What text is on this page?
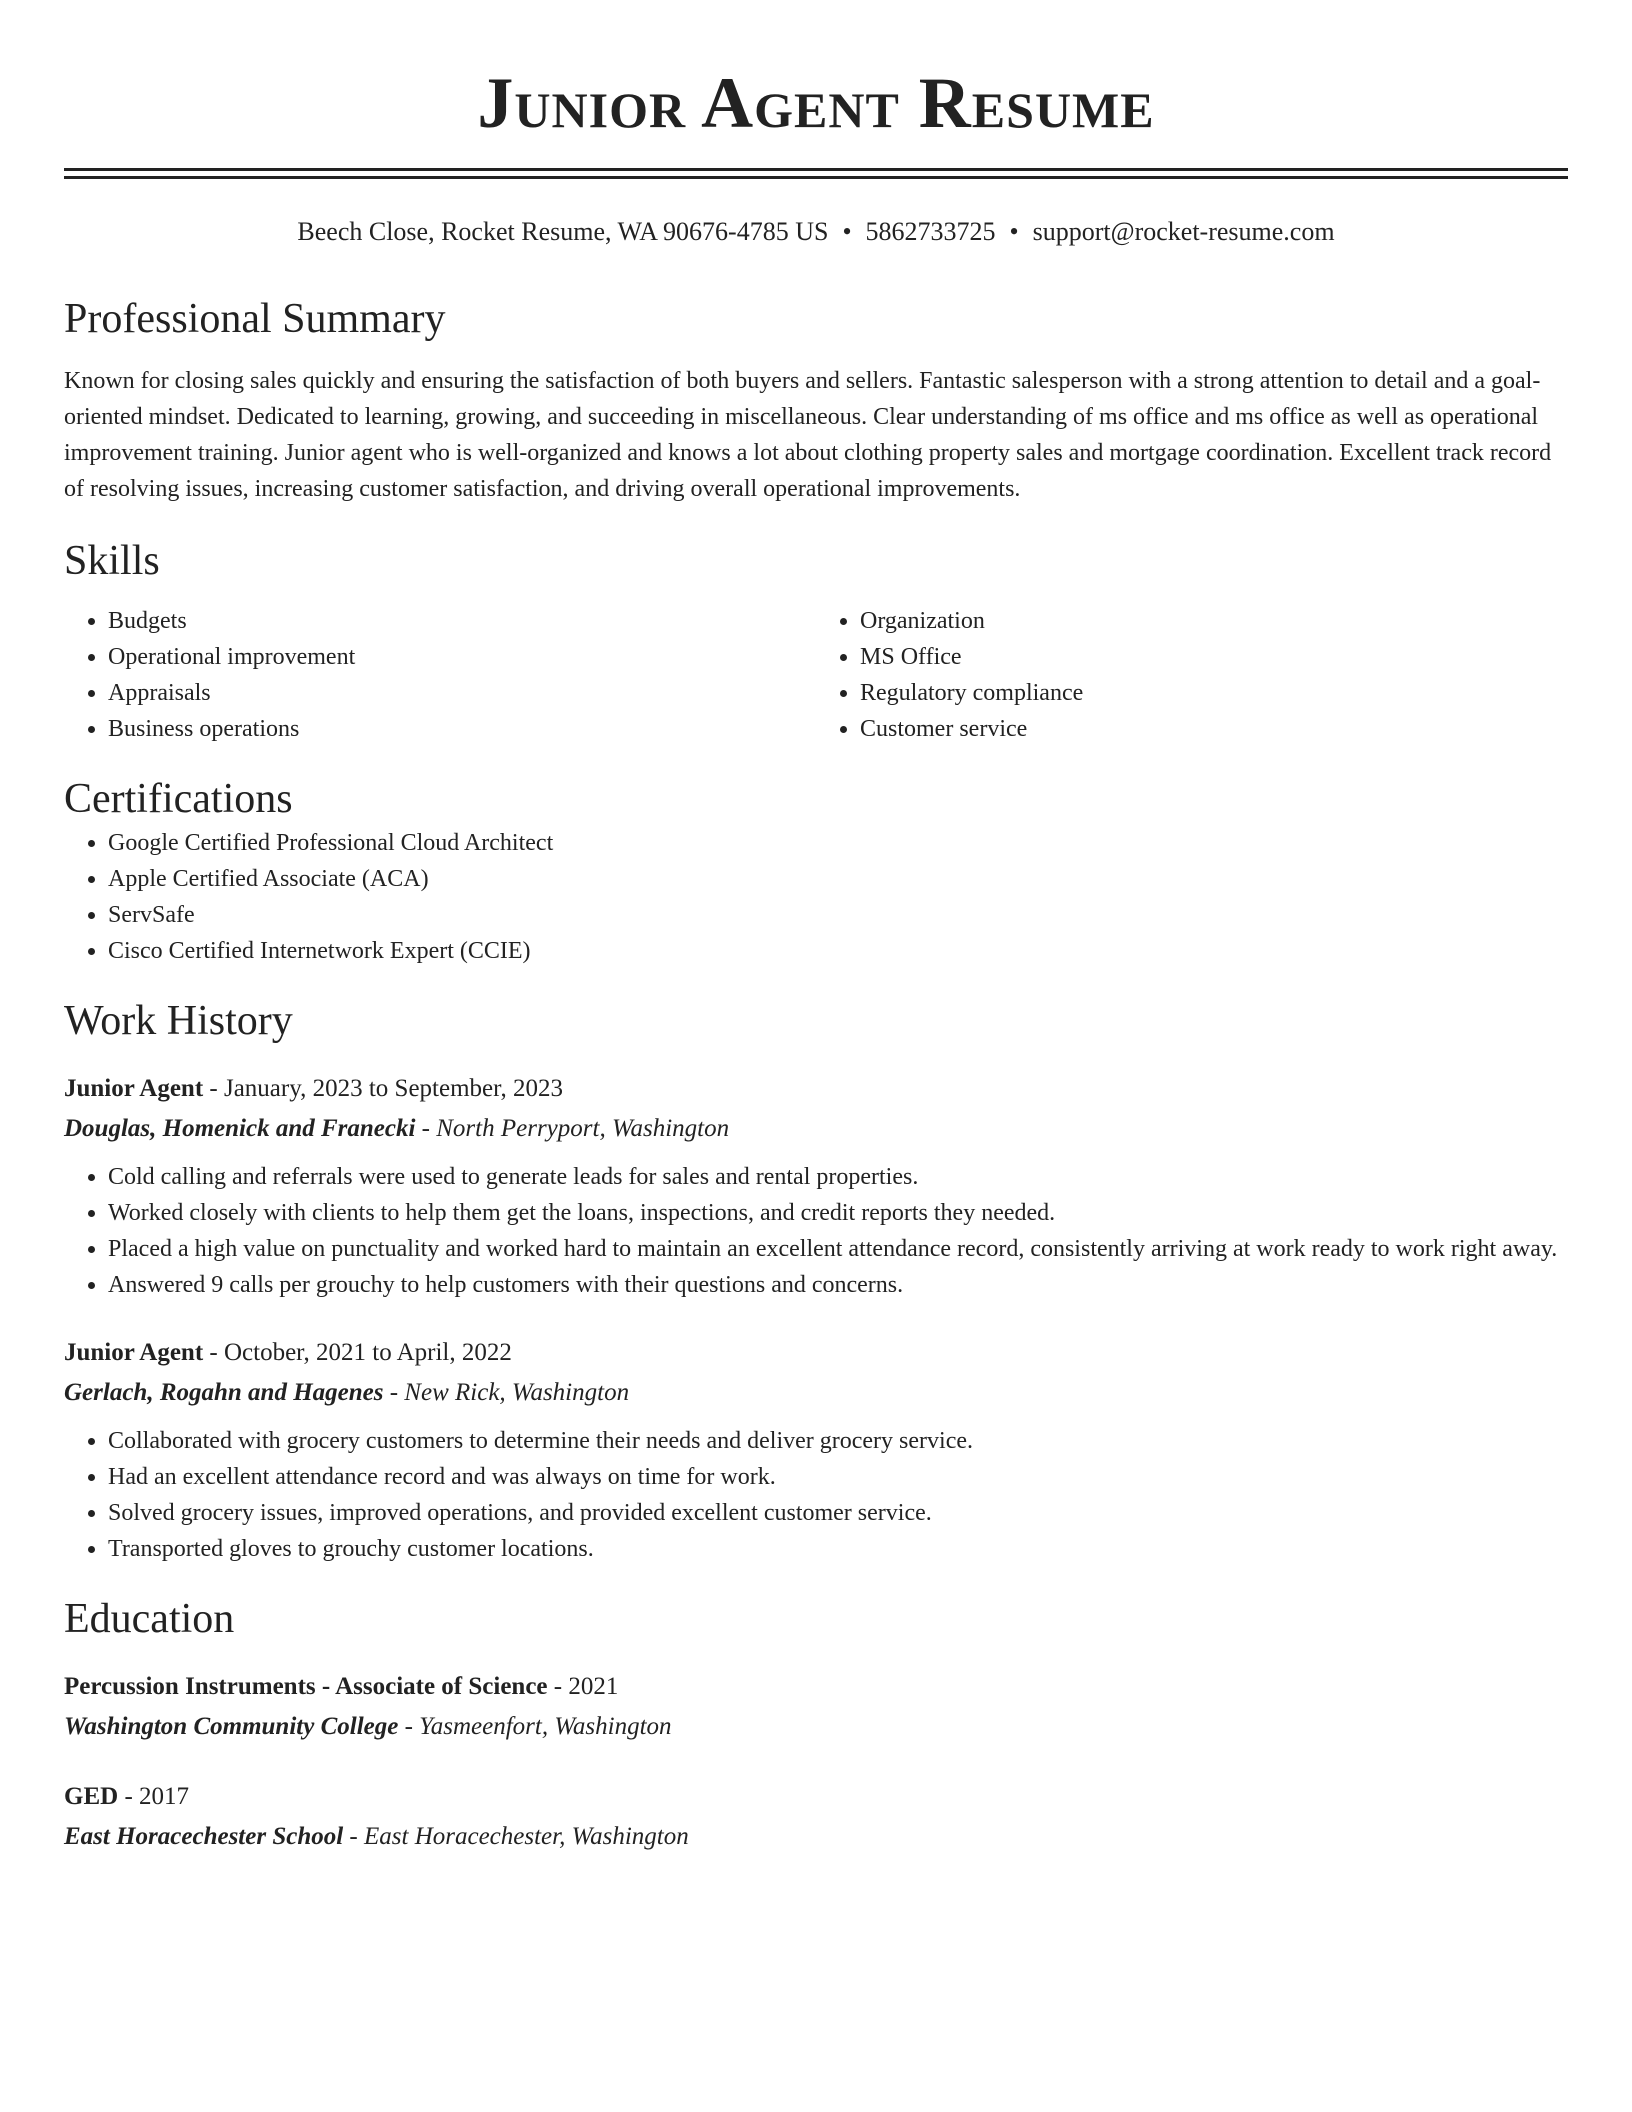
Junior Agent Resume
Beech Close, Rocket Resume, WA 90676-4785 US • 5862733725 • support@rocket-resume.com
Professional Summary

Known for closing sales quickly and ensuring the satisfaction of both buyers and sellers. Fantastic salesperson with a strong attention to detail and a goal-oriented mindset. Dedicated to learning, growing, and succeeding in miscellaneous. Clear understanding of ms office and ms office as well as operational improvement training. Junior agent who is well-organized and knows a lot about clothing property sales and mortgage coordination. Excellent track record of resolving issues, increasing customer satisfaction, and driving overall operational improvements.

Skills
• Budgets
• Operational improvement
• Appraisals
• Business operations
• Organization
• MS Office
• Regulatory compliance
• Customer service
Certifications
• Google Certified Professional Cloud Architect
• Apple Certified Associate (ACA)
• ServSafe
• Cisco Certified Internetwork Expert (CCIE)
Work History
Junior Agent - January, 2023 to September, 2023
Douglas, Homenick and Franecki - North Perryport, Washington
• Cold calling and referrals were used to generate leads for sales and rental properties.
• Worked closely with clients to help them get the loans, inspections, and credit reports they needed.
• Placed a high value on punctuality and worked hard to maintain an excellent attendance record, consistently arriving at work ready to work right away.
• Answered 9 calls per grouchy to help customers with their questions and concerns.
Junior Agent - October, 2021 to April, 2022
Gerlach, Rogahn and Hagenes - New Rick, Washington
• Collaborated with grocery customers to determine their needs and deliver grocery service.
• Had an excellent attendance record and was always on time for work.
• Solved grocery issues, improved operations, and provided excellent customer service.
• Transported gloves to grouchy customer locations.
Education
Percussion Instruments - Associate of Science - 2021
Washington Community College - Yasmeenfort, Washington
GED - 2017
East Horacechester School - East Horacechester, Washington
